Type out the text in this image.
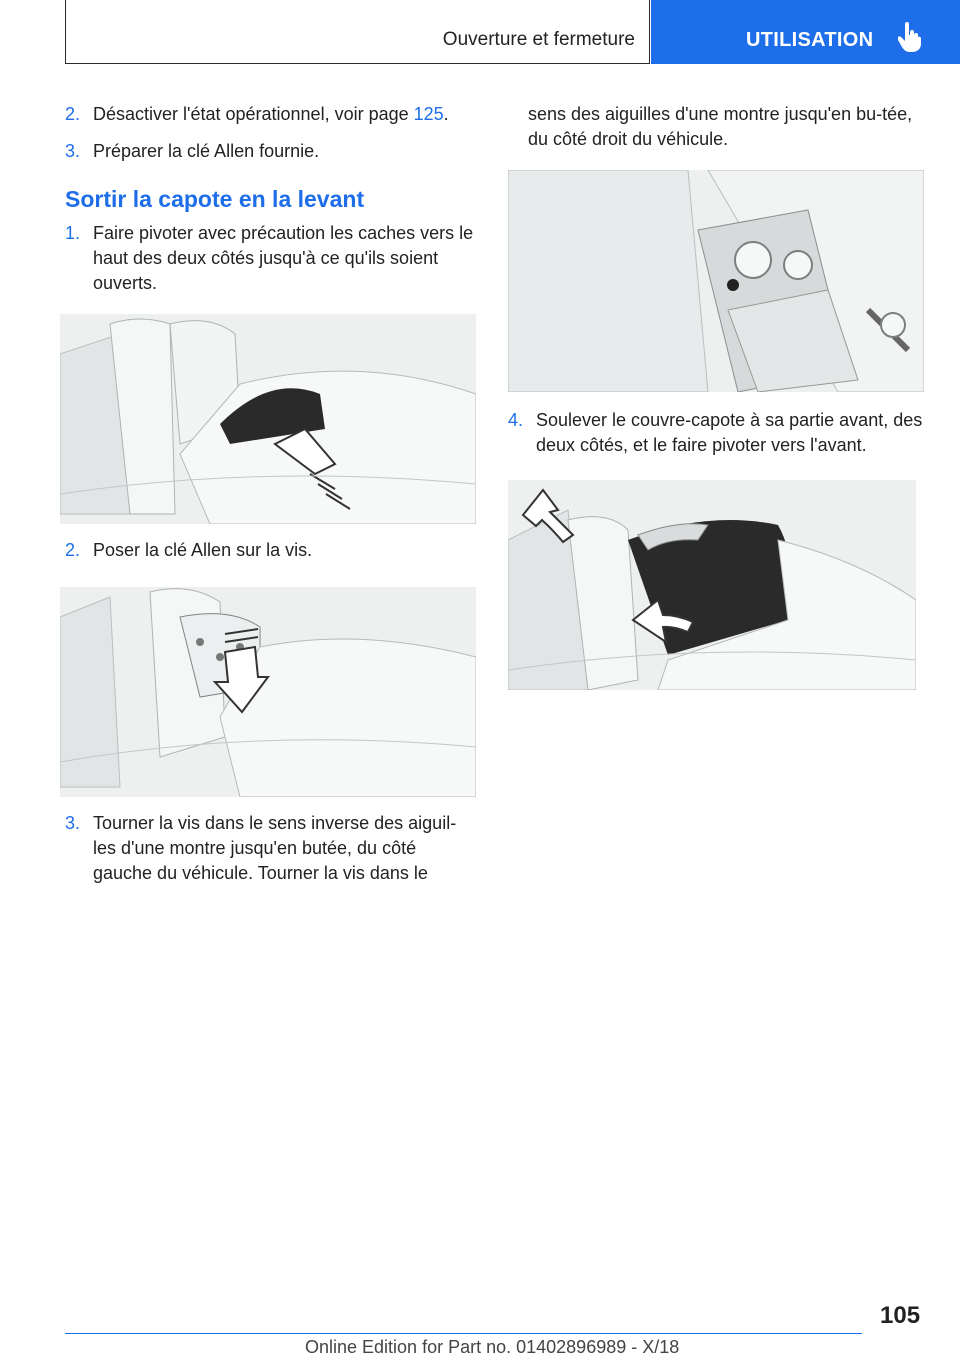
Ouverture et fermeture	UTILISATION
2. Désactiver l'état opérationnel, voir page 125.
3. Préparer la clé Allen fournie.
Sortir la capote en la levant
1. Faire pivoter avec précaution les caches vers le haut des deux côtés jusqu'à ce qu'ils soient ouverts.
2. Poser la clé Allen sur la vis.
3. Tourner la vis dans le sens inverse des aiguil‐les d'une montre jusqu'en butée, du côté gauche du véhicule. Tourner la vis dans le
sens des aiguilles d'une montre jusqu'en bu‐tée, du côté droit du véhicule.
4. Soulever le couvre-capote à sa partie avant, des deux côtés, et le faire pivoter vers l'avant.
105
Online Edition for Part no. 01402896989 - X/18
